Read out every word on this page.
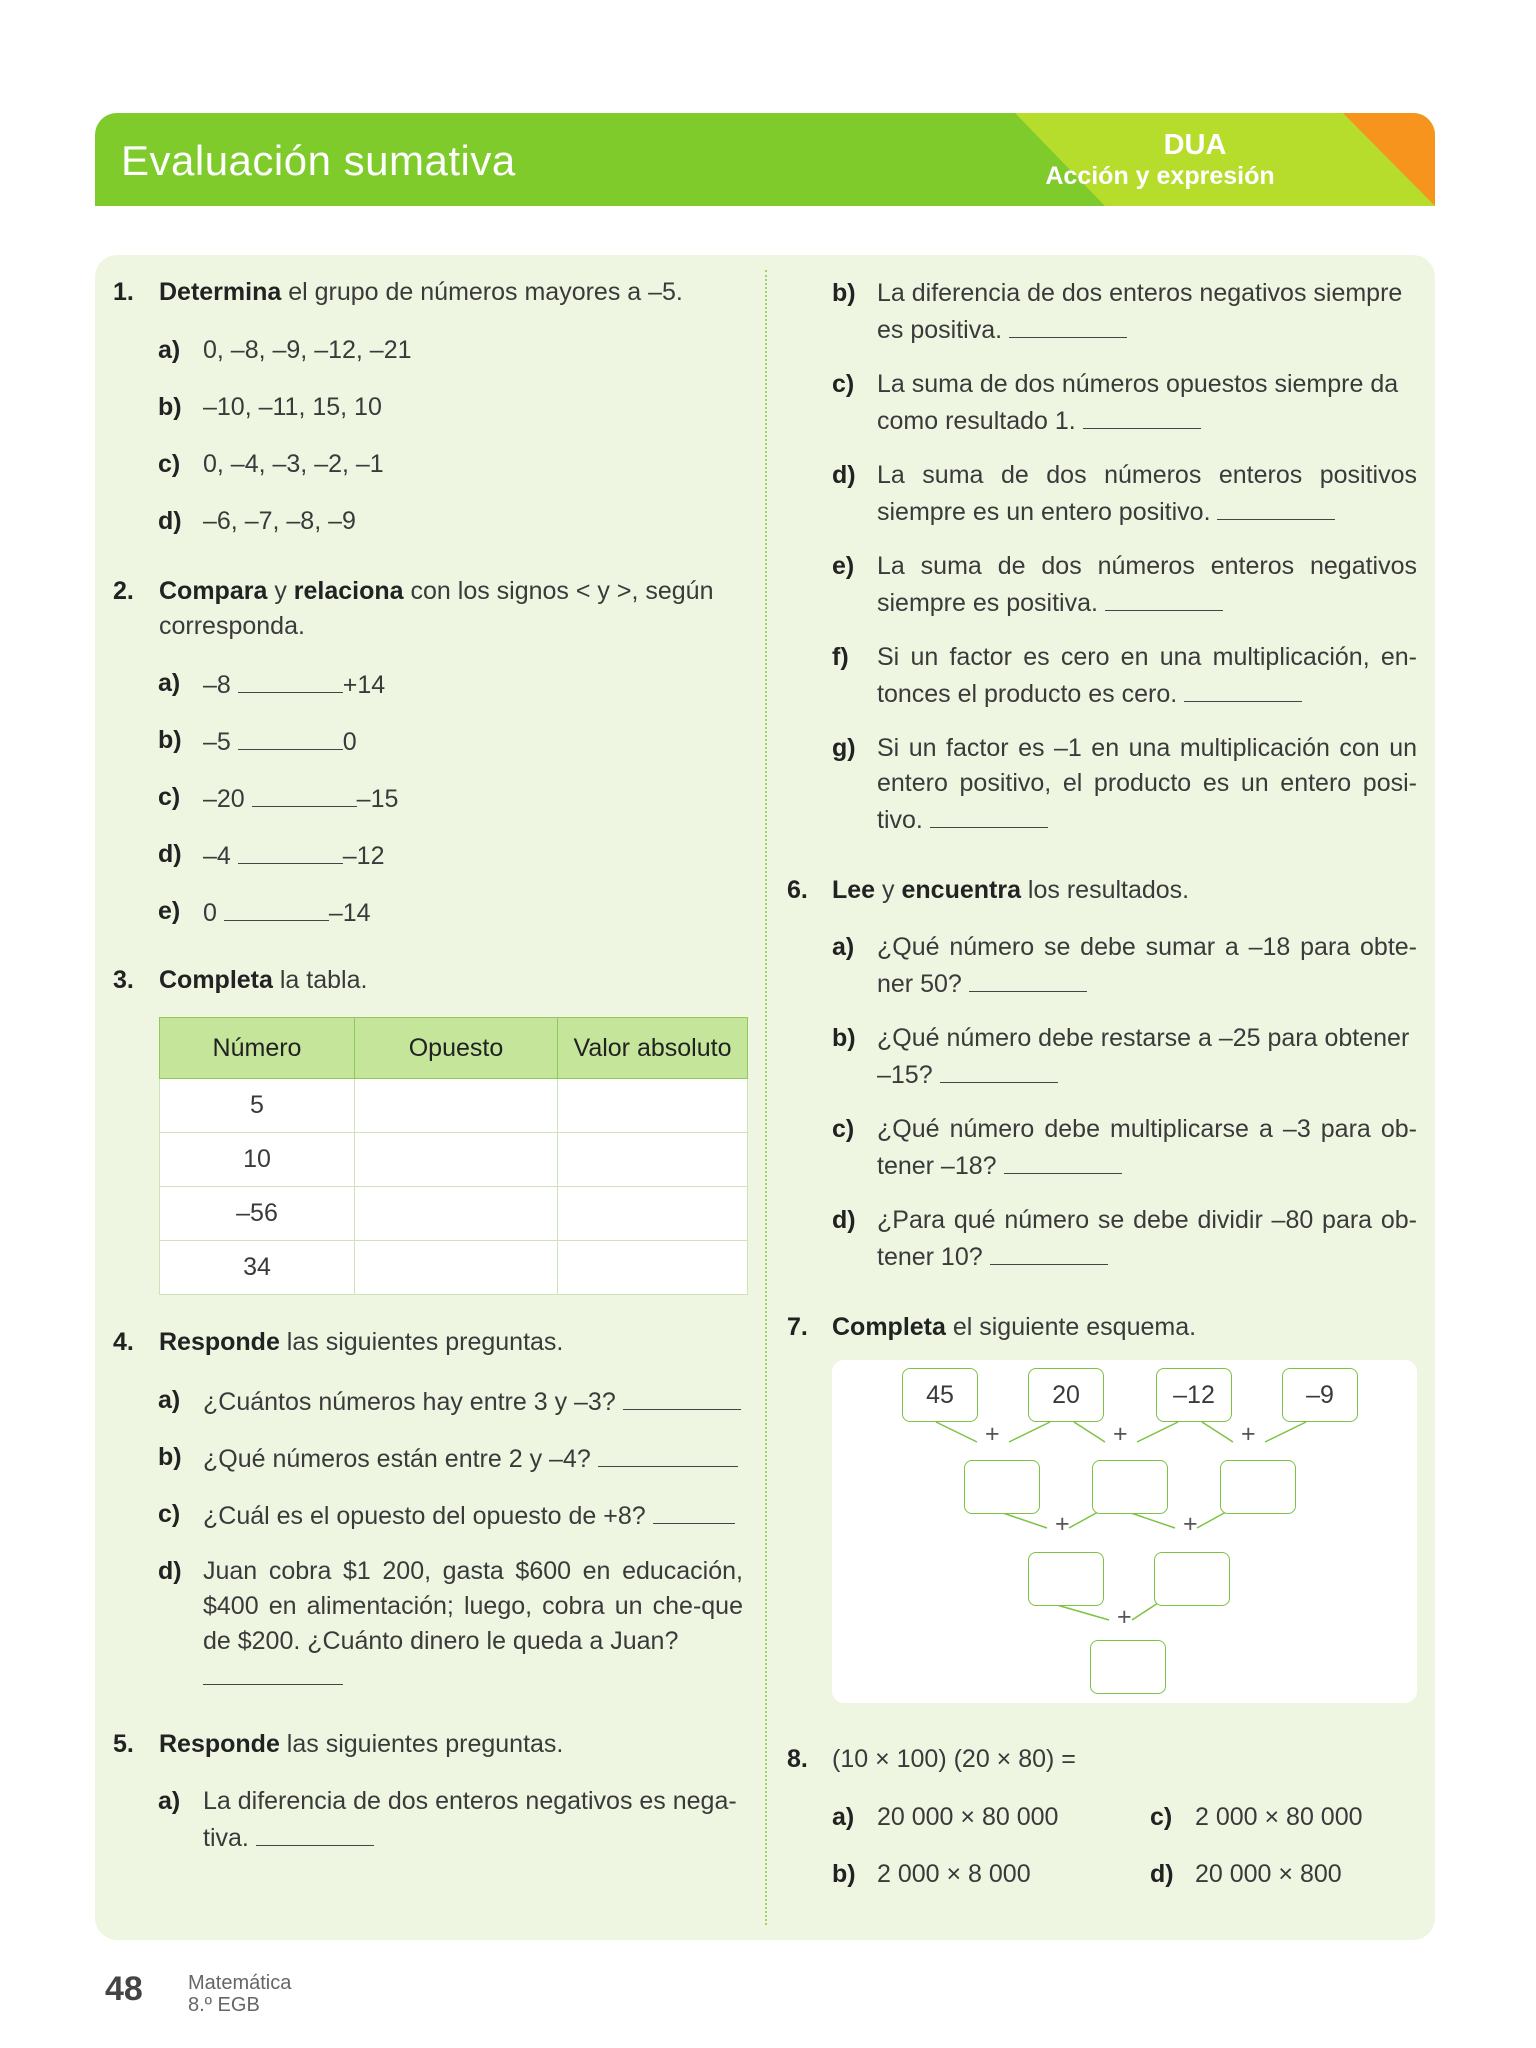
Evaluación sumativa	DUA
Acción y expresión
1. Determina el grupo de números mayores a –5.
a) 0, –8, –9, –12, –21
b) –10, –11, 15, 10
c) 0, –4, –3, –2, –1
d) –6, –7, –8, –9
2. Compara y relaciona con los signos < y >, según corresponda.
a) –8	+14
b) –5	0
c) –20	–15
d) –4	–12
e) 0	–14
3. Completa la tabla.
Número	Opuesto	Valor absoluto
5		
10		
–56		
34		
4. Responde las siguientes preguntas.
a) ¿Cuántos números hay entre 3 y –3?
b) ¿Qué números están entre 2 y –4?
c) ¿Cuál es el opuesto del opuesto de +8?
d) Juan cobra $1 200, gasta $600 en educación, $400 en alimentación; luego, cobra un che-que de $200. ¿Cuánto dinero le queda a Juan?
5. Responde las siguientes preguntas.
a) La diferencia de dos enteros negativos es nega-tiva.
b) La diferencia de dos enteros negativos siempre es positiva.
c) La suma de dos números opuestos siempre da como resultado 1.
d) La suma de dos números enteros positivos siempre es un entero positivo.
e) La suma de dos números enteros negativos siempre es positiva.
f) Si un factor es cero en una multiplicación, en-tonces el producto es cero.
g) Si un factor es –1 en una multiplicación con un entero positivo, el producto es un entero posi-tivo.
6. Lee y encuentra los resultados.
a) ¿Qué número se debe sumar a –18 para obte-ner 50?
b) ¿Qué número debe restarse a –25 para obtener –15?
c) ¿Qué número debe multiplicarse a –3 para ob-tener –18?
d) ¿Para qué número se debe dividir –80 para ob-tener 10?
7. Completa el siguiente esquema.
45	20	–12	–9
+	+	+
+	+
+
8. (10 × 100) (20 × 80) =
a) 20 000 × 80 000
b) 2 000 × 8 000
c) 2 000 × 80 000
d) 20 000 × 800
48 Matemática
8.º EGB
